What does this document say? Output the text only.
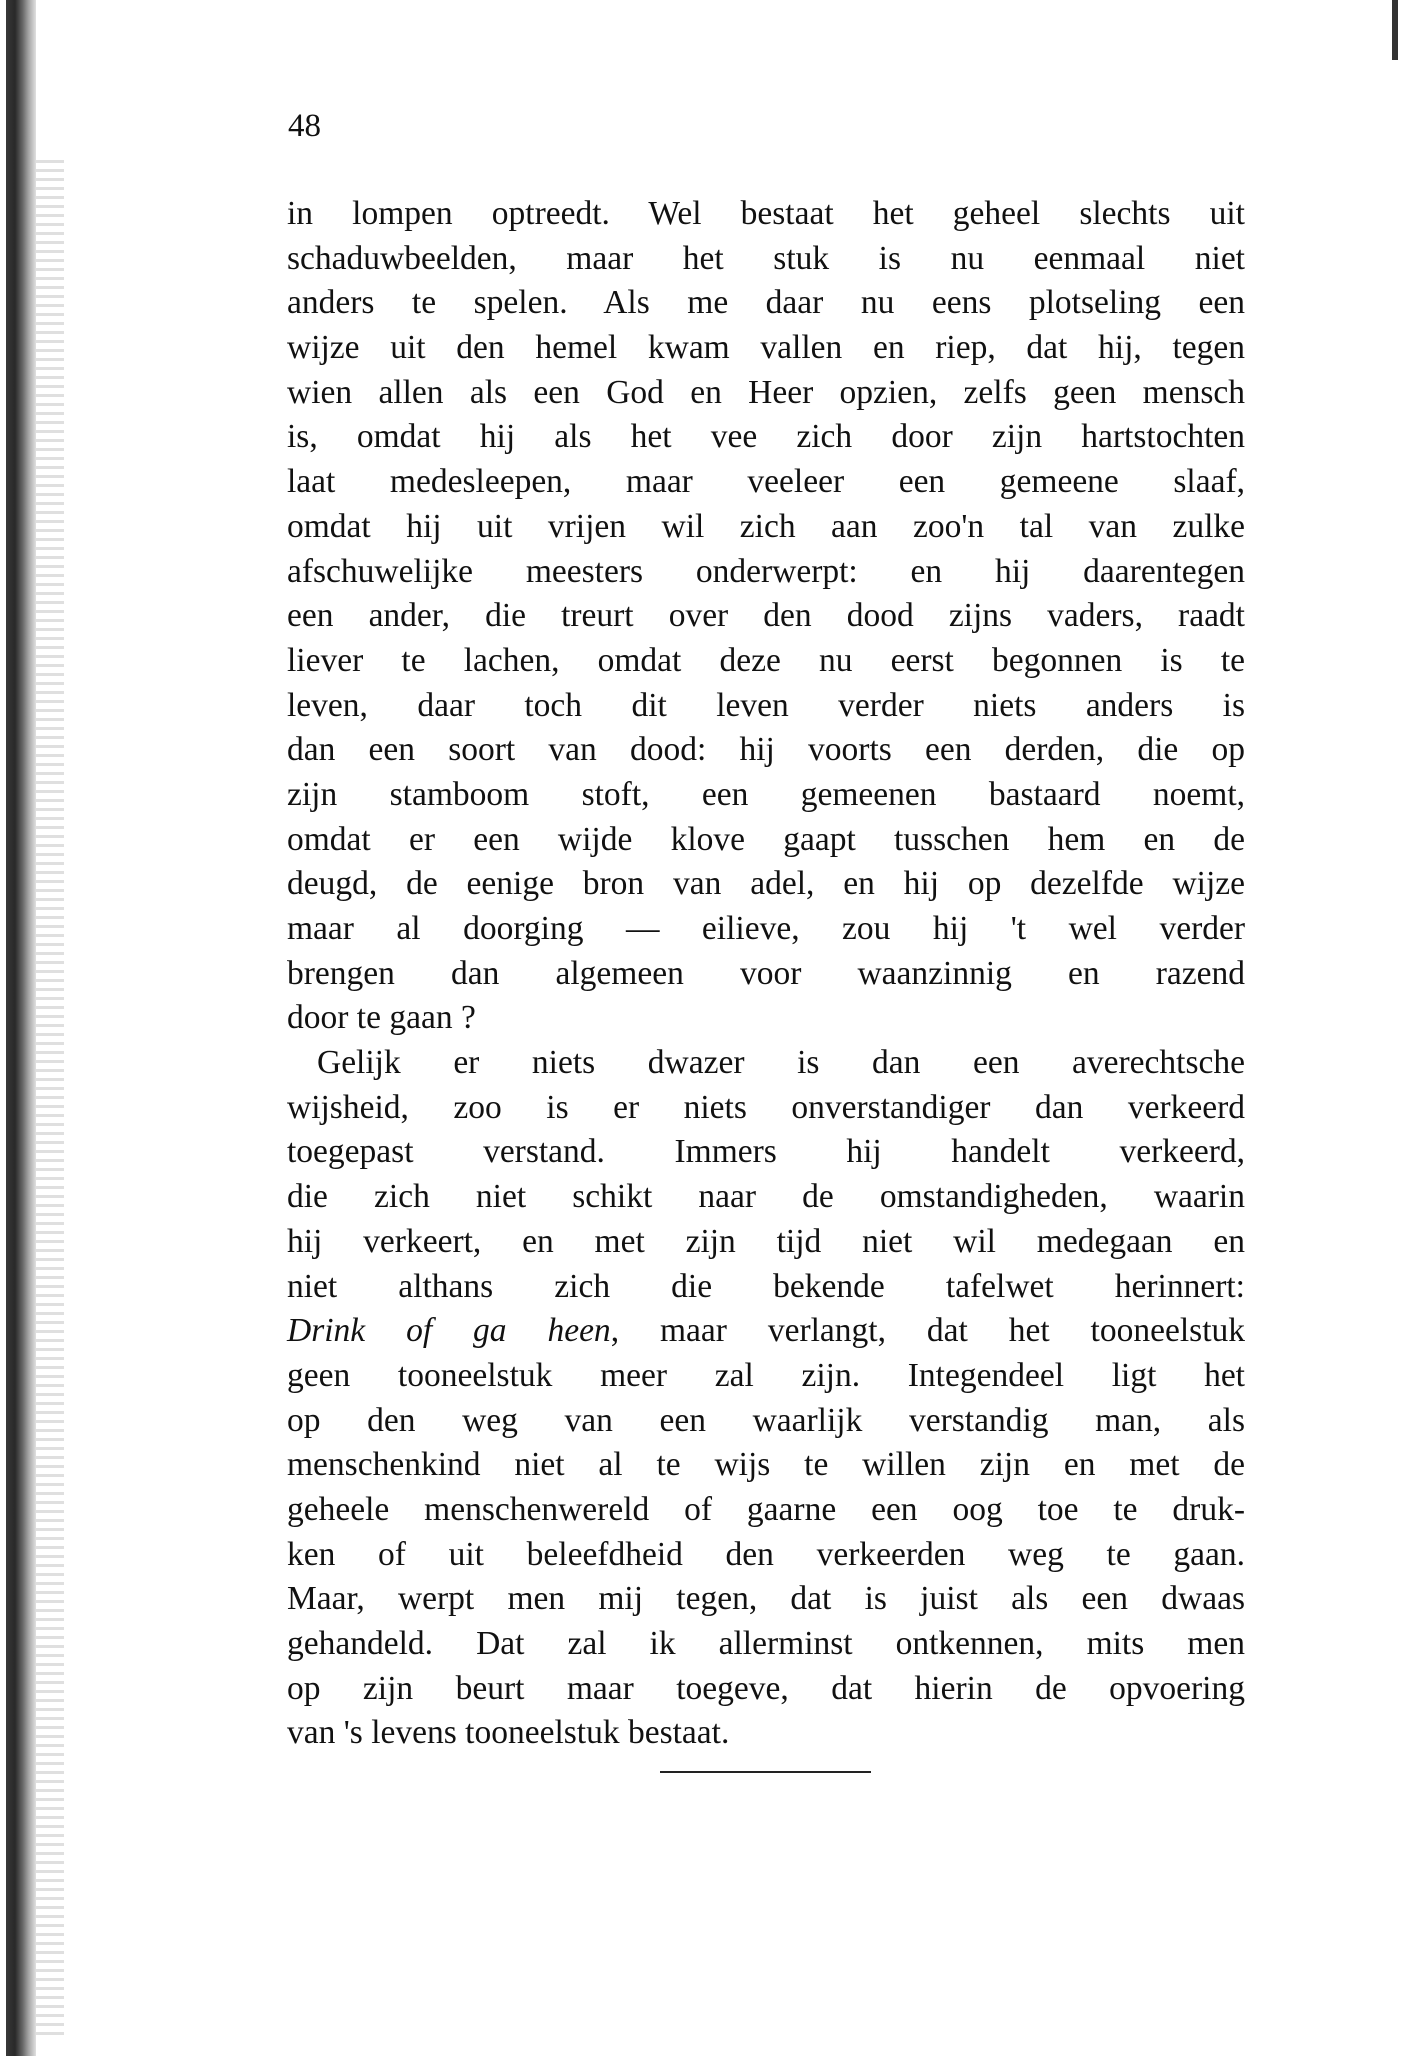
48
in lompen optreedt. Wel bestaat het geheel slechts uit
schaduwbeelden, maar het stuk is nu eenmaal niet
anders te spelen. Als me daar nu eens plotseling een
wijze uit den hemel kwam vallen en riep, dat hij, tegen
wien allen als een God en Heer opzien, zelfs geen mensch
is, omdat hij als het vee zich door zijn hartstochten
laat medesleepen, maar veeleer een gemeene slaaf,
omdat hij uit vrijen wil zich aan zoo'n tal van zulke
afschuwelijke meesters onderwerpt: en hij daarentegen
een ander, die treurt over den dood zijns vaders, raadt
liever te lachen, omdat deze nu eerst begonnen is te
leven, daar toch dit leven verder niets anders is
dan een soort van dood: hij voorts een derden, die op
zijn stamboom stoft, een gemeenen bastaard noemt,
omdat er een wijde klove gaapt tusschen hem en de
deugd, de eenige bron van adel, en hij op dezelfde wijze
maar al doorging — eilieve, zou hij 't wel verder
brengen dan algemeen voor waanzinnig en razend
door te gaan ?
Gelijk er niets dwazer is dan een averechtsche
wijsheid, zoo is er niets onverstandiger dan verkeerd
toegepast verstand. Immers hij handelt verkeerd,
die zich niet schikt naar de omstandigheden, waarin
hij verkeert, en met zijn tijd niet wil medegaan en
niet althans zich die bekende tafelwet herinnert:
Drink of ga heen, maar verlangt, dat het tooneelstuk
geen tooneelstuk meer zal zijn. Integendeel ligt het
op den weg van een waarlijk verstandig man, als
menschenkind niet al te wijs te willen zijn en met de
geheele menschenwereld of gaarne een oog toe te druk-
ken of uit beleefdheid den verkeerden weg te gaan.
Maar, werpt men mij tegen, dat is juist als een dwaas
gehandeld. Dat zal ik allerminst ontkennen, mits men
op zijn beurt maar toegeve, dat hierin de opvoering
van 's levens tooneelstuk bestaat.
